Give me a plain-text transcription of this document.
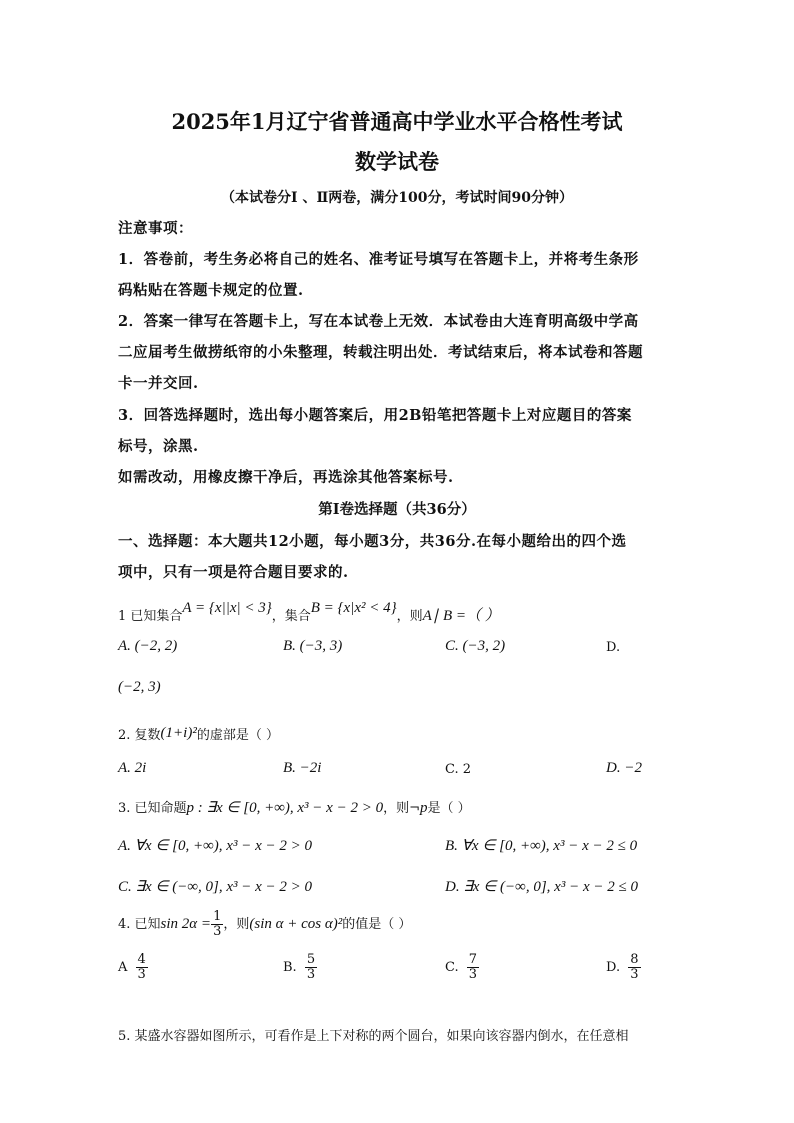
2025年1月辽宁省普通高中学业水平合格性考试
数学试卷
（本试卷分Ⅰ 、Ⅱ两卷，满分100分，考试时间90分钟）
注意事项：
1．答卷前，考生务必将自己的姓名、准考证号填写在答题卡上，并将考生条形
码粘贴在答题卡规定的位置.
2．答案一律写在答题卡上，写在本试卷上无效．本试卷由大连育明高级中学高
二应届考生做捞纸帘的小朱整理，转载注明出处．考试结束后，将本试卷和答题
卡一并交回.
3．回答选择题时，选出每小题答案后，用2B铅笔把答题卡上对应题目的答案
标号，涂黑.
如需改动，用橡皮擦干净后，再选涂其他答案标号.
第Ⅰ卷选择题（共36分）
一、选择题：本大题共12小题，每小题3分，共36分.在每小题给出的四个选
项中，只有一项是符合题目要求的.
1 已知集合A = {x||x| < 3}，集合B = {x|x² < 4}，则A∣ B =（ ）
A. (−2, 2)	B. (−3, 3)	C. (−3, 2)	D.
(−2, 3)
2. 复数(1+i)²的虚部是（ ）
A. 2i	B. −2i	C. 2	D. −2
3. 已知命题p : ∃x ∈ [0, +∞), x³ − x − 2 > 0，则¬p是（ ）
A. ∀x ∈ [0, +∞), x³ − x − 2 > 0	B. ∀x ∈ [0, +∞), x³ − x − 2 ≤ 0
C. ∃x ∈ (−∞, 0], x³ − x − 2 > 0	D. ∃x ∈ (−∞, 0], x³ − x − 2 ≤ 0
4. 已知$\sin 2\alpha = \frac{1}{3}$ ，则(sin α + cos α)²的值是（ ）
A $\frac{4}{3}$	B. $\frac{5}{3}$	C. $\frac{7}{3}$	D. $\frac{8}{3}$
5. 某盛水容器如图所示，可看作是上下对称的两个圆台，如果向该容器内倒水，在任意相
